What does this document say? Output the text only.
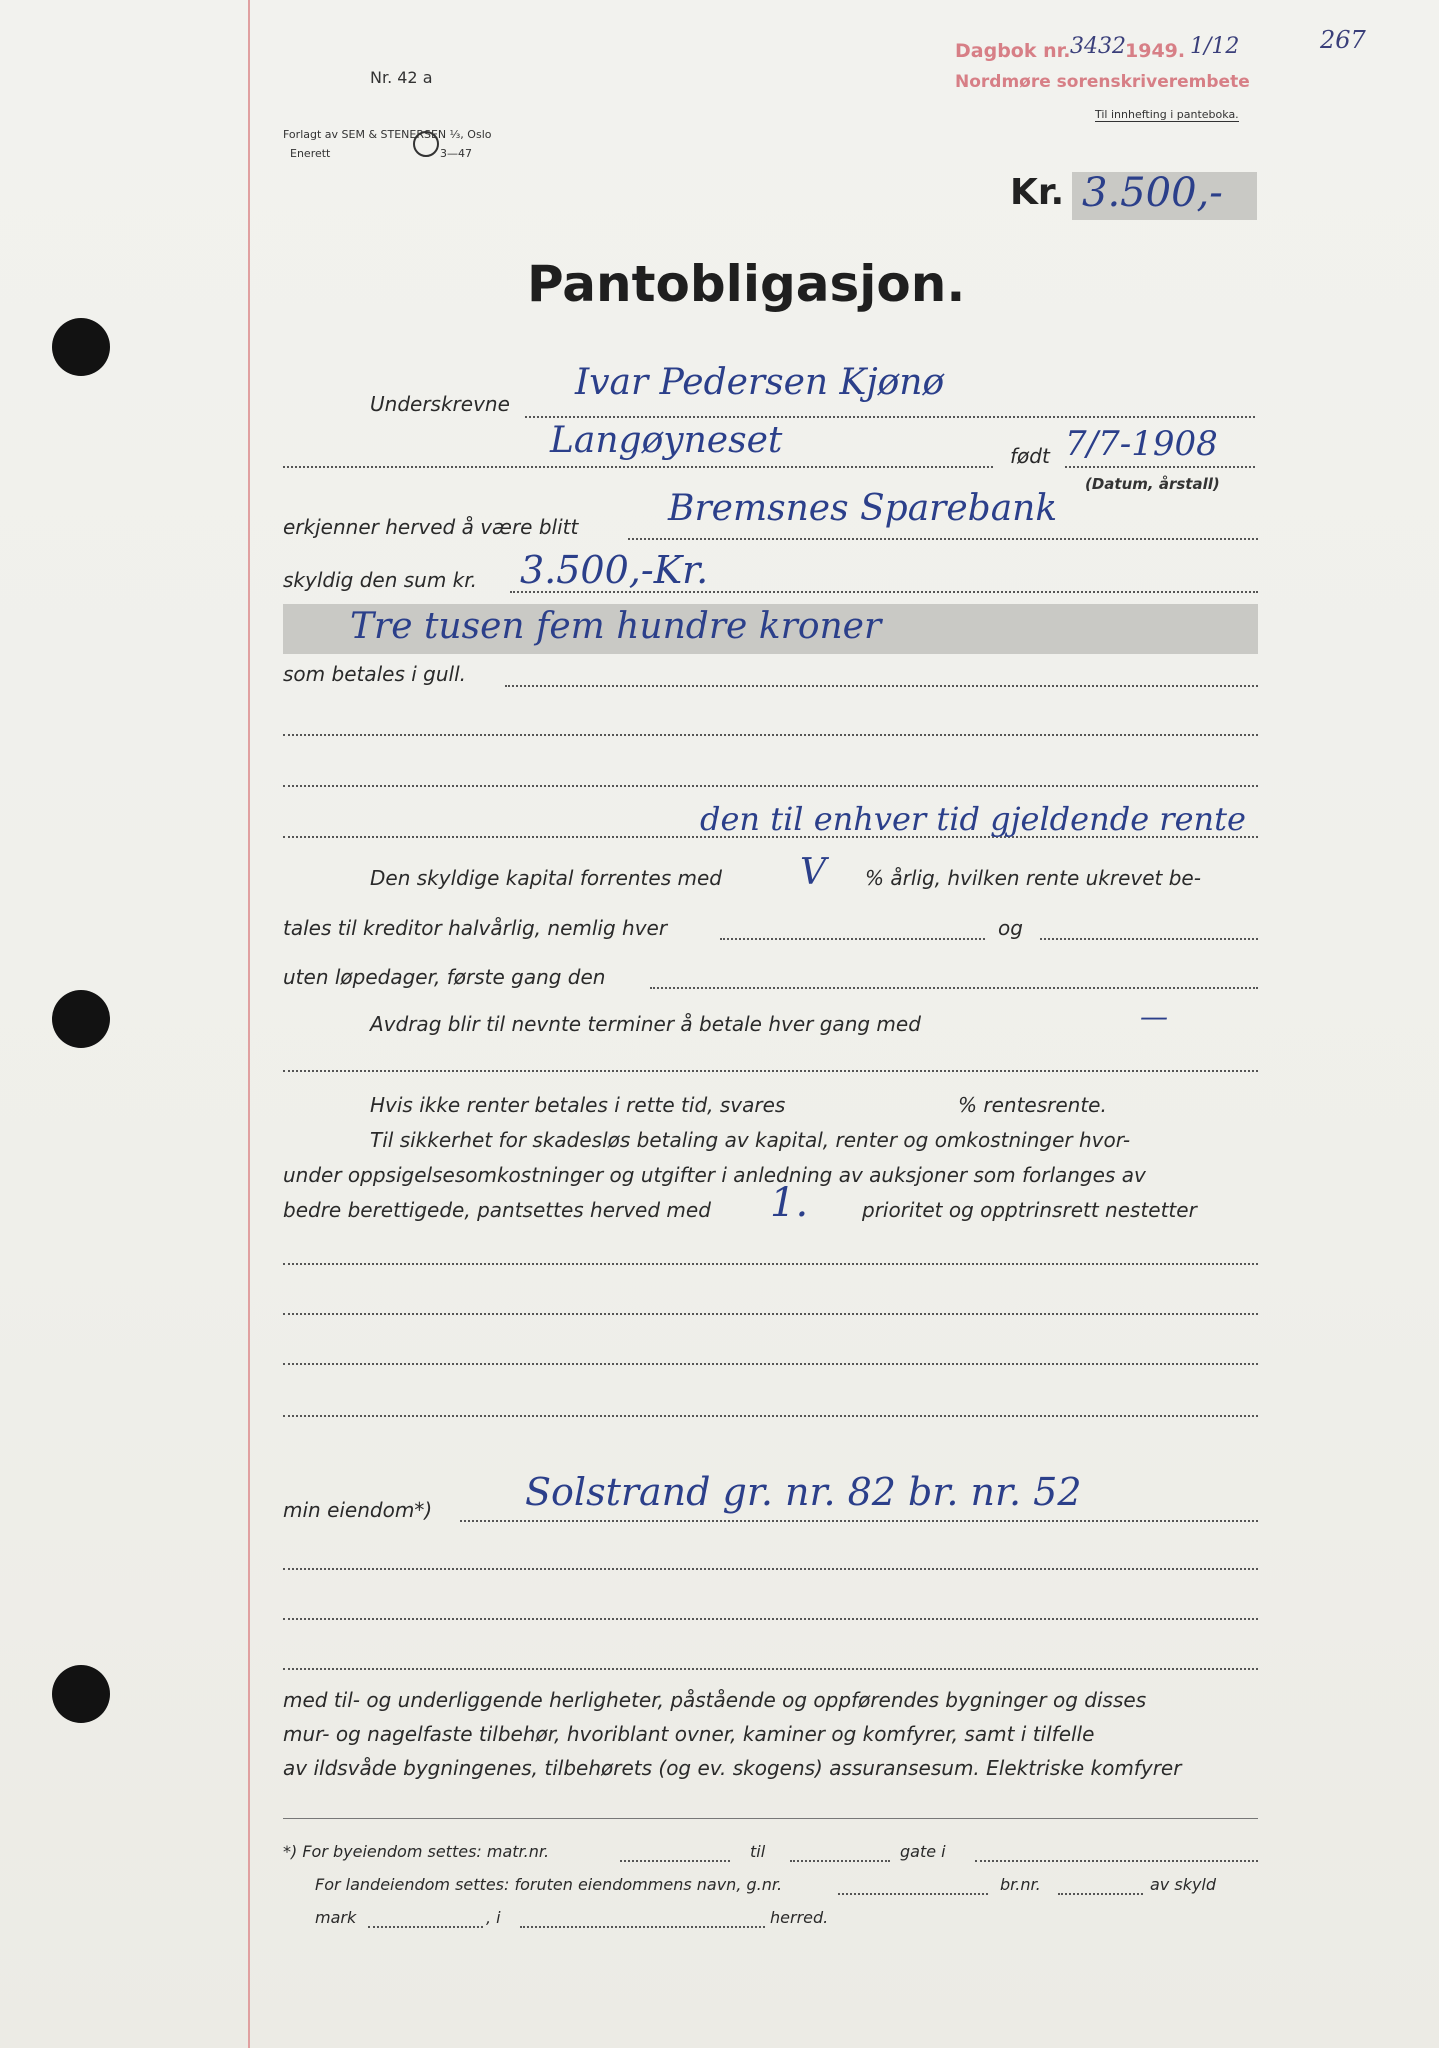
Nr. 42 a
Forlagt av SEM & STENERSEN ⅓, Oslo
Enerett	3—47
Dagbok nr. 3432 1949. 1/12
Nordmøre sorenskriverembete
267
Til innhefting i panteboka.
Kr. 3.500,-
Pantobligasjon.
Underskrevne
Ivar Pedersen Kjønø
Langøyneset	født 7/7-1908
(Datum, årstall)
erkjenner herved å være blitt Bremsnes Sparebank
skyldig den sum kr. 3.500,-Kr.
Tre tusen fem hundre kroner
som betales i gull.
den til enhver tid gjeldende rente
Den skyldige kapital forrentes med V % årlig, hvilken rente ukrevet be-
tales til kreditor halvårlig, nemlig hver	og
uten løpedager, første gang den
Avdrag blir til nevnte terminer å betale hver gang med	—
Hvis ikke renter betales i rette tid, svares	% rentesrente.
Til sikkerhet for skadesløs betaling av kapital, renter og omkostninger hvor-
under oppsigelsesomkostninger og utgifter i anledning av auksjoner som forlanges av
bedre berettigede, pantsettes herved med 1.	prioritet og opptrinsrett nestetter
min eiendom*) Solstrand gr. nr. 82 br. nr. 52
med til- og underliggende herligheter, påstående og oppførendes bygninger og disses
mur- og nagelfaste tilbehør, hvoriblant ovner, kaminer og komfyrer, samt i tilfelle
av ildsvåde bygningenes, tilbehørets (og ev. skogens) assuransesum. Elektriske komfyrer
*) For byeiendom settes: matr.nr.	til	gate i
For landeiendom settes: foruten eiendommens navn, g.nr.	br.nr.	av skyld
mark	, i	herred.
